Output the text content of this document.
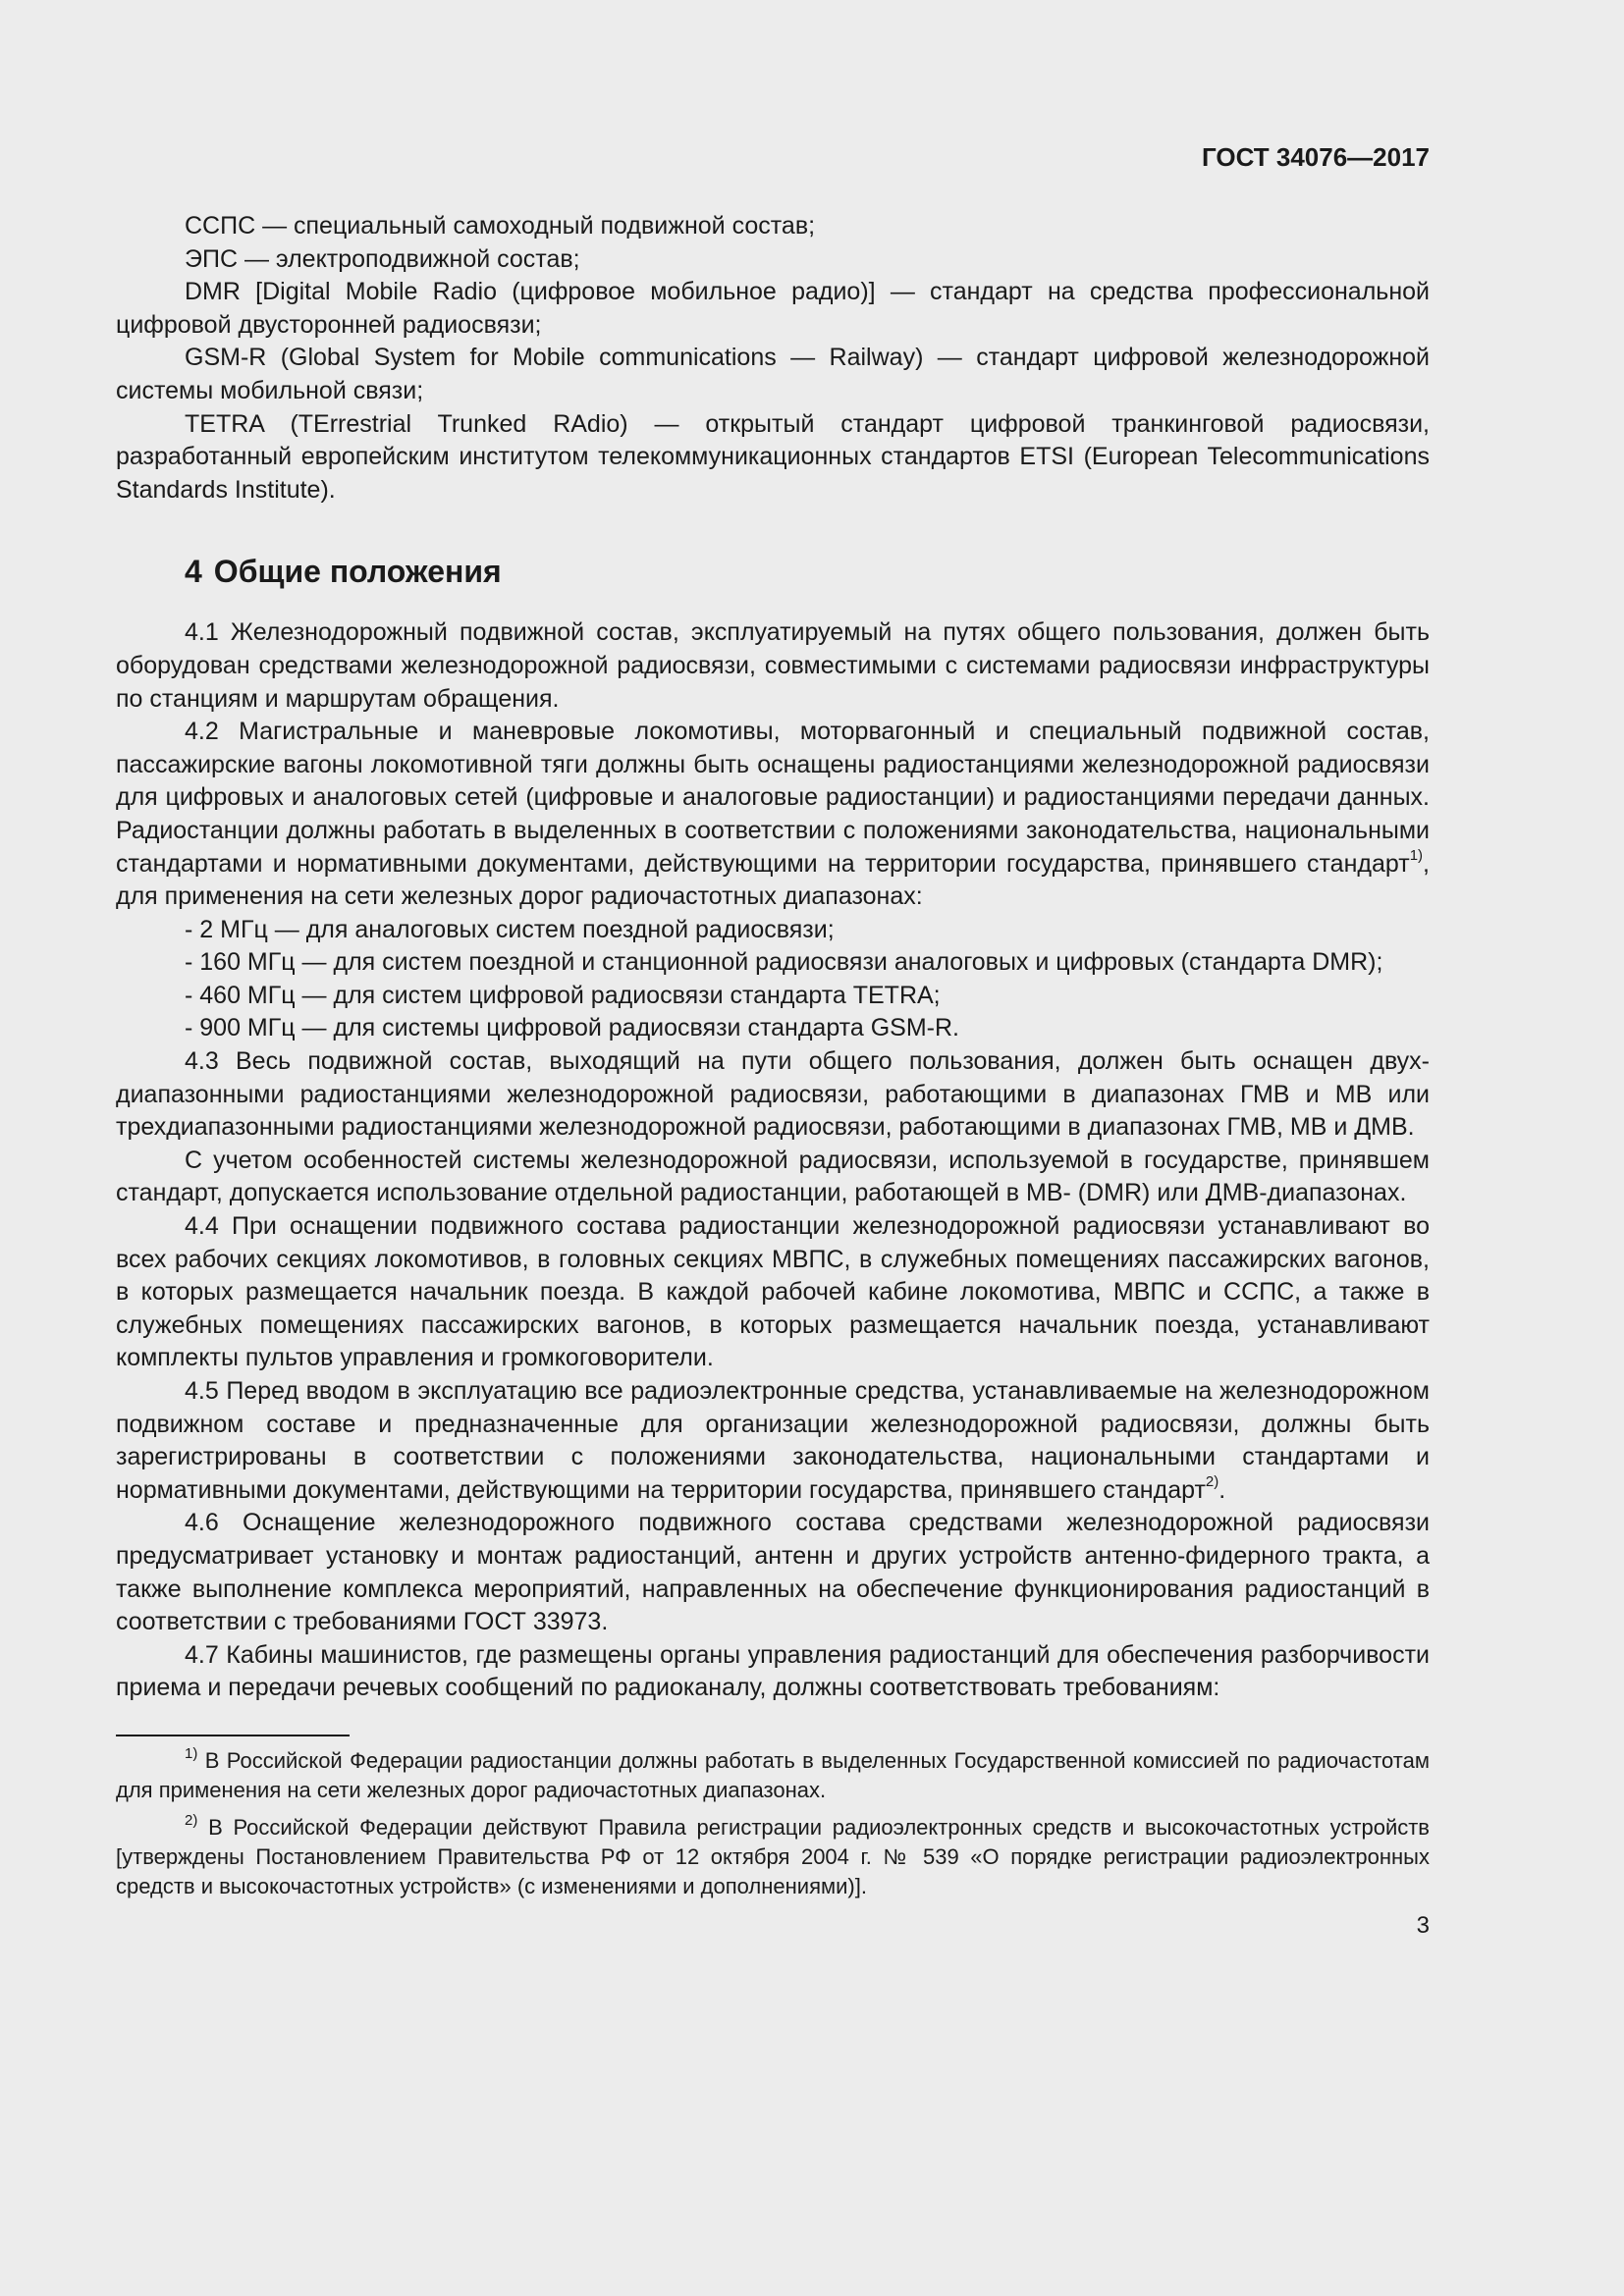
ГОСТ 34076—2017

ССПС — специальный самоходный подвижной состав;

ЭПС — электроподвижной состав;

DMR [Digital Mobile Radio (цифровое мобильное радио)] — стандарт на средства профессиональной цифровой двусторонней радиосвязи;

GSM-R (Global System for Mobile communications — Railway) — стандарт цифровой железнодорожной системы мобильной связи;

TETRA (TErrestrial Trunked RAdio) — открытый стандарт цифровой транкинговой радиосвязи, разработанный европейским институтом телекоммуникационных стандартов ETSI (European Telecommunications Standards Institute).

4 Общие положения

4.1 Железнодорожный подвижной состав, эксплуатируемый на путях общего пользования, должен быть оборудован средствами железнодорожной радиосвязи, совместимыми с системами радиосвязи инфраструктуры по станциям и маршрутам обращения.

4.2 Магистральные и маневровые локомотивы, моторвагонный и специальный подвижной состав, пассажирские вагоны локомотивной тяги должны быть оснащены радиостанциями железнодорожной радиосвязи для цифровых и аналоговых сетей (цифровые и аналоговые радиостанции) и радиостанциями передачи данных. Радиостанции должны работать в выделенных в соответствии с положениями законодательства, национальными стандартами и нормативными документами, действующими на территории государства, принявшего стандарт$^{1)}$, для применения на сети железных дорог радиочастотных диапазонах:

- 2 МГц — для аналоговых систем поездной радиосвязи;

- 160 МГц — для систем поездной и станционной радиосвязи аналоговых и цифровых (стандарта DMR);

- 460 МГц — для систем цифровой радиосвязи стандарта TETRA;

- 900 МГц — для системы цифровой радиосвязи стандарта GSM-R.

4.3 Весь подвижной состав, выходящий на пути общего пользования, должен быть оснащен двухдиапазонными радиостанциями железнодорожной радиосвязи, работающими в диапазонах ГМВ и МВ или трехдиапазонными радиостанциями железнодорожной радиосвязи, работающими в диапазонах ГМВ, МВ и ДМВ.

С учетом особенностей системы железнодорожной радиосвязи, используемой в государстве, принявшем стандарт, допускается использование отдельной радиостанции, работающей в МВ- (DMR) или ДМВ-диапазонах.

4.4 При оснащении подвижного состава радиостанции железнодорожной радиосвязи устанавливают во всех рабочих секциях локомотивов, в головных секциях МВПС, в служебных помещениях пассажирских вагонов, в которых размещается начальник поезда. В каждой рабочей кабине локомотива, МВПС и ССПС, а также в служебных помещениях пассажирских вагонов, в которых размещается начальник поезда, устанавливают комплекты пультов управления и громкоговорители.

4.5 Перед вводом в эксплуатацию все радиоэлектронные средства, устанавливаемые на железнодорожном подвижном составе и предназначенные для организации железнодорожной радиосвязи, должны быть зарегистрированы в соответствии с положениями законодательства, национальными стандартами и нормативными документами, действующими на территории государства, принявшего стандарт$^{2)}$.

4.6 Оснащение железнодорожного подвижного состава средствами железнодорожной радиосвязи предусматривает установку и монтаж радиостанций, антенн и других устройств антенно-фидерного тракта, а также выполнение комплекса мероприятий, направленных на обеспечение функционирования радиостанций в соответствии с требованиями ГОСТ 33973.

4.7 Кабины машинистов, где размещены органы управления радиостанций для обеспечения разборчивости приема и передачи речевых сообщений по радиоканалу, должны соответствовать требованиям:

$^{1)}$ В Российской Федерации радиостанции должны работать в выделенных Государственной комиссией по радиочастотам для применения на сети железных дорог радиочастотных диапазонах.

$^{2)}$ В Российской Федерации действуют Правила регистрации радиоэлектронных средств и высокочастотных устройств [утверждены Постановлением Правительства РФ от 12 октября 2004 г. № 539 «О порядке регистрации радиоэлектронных средств и высокочастотных устройств» (с изменениями и дополнениями)].

3
